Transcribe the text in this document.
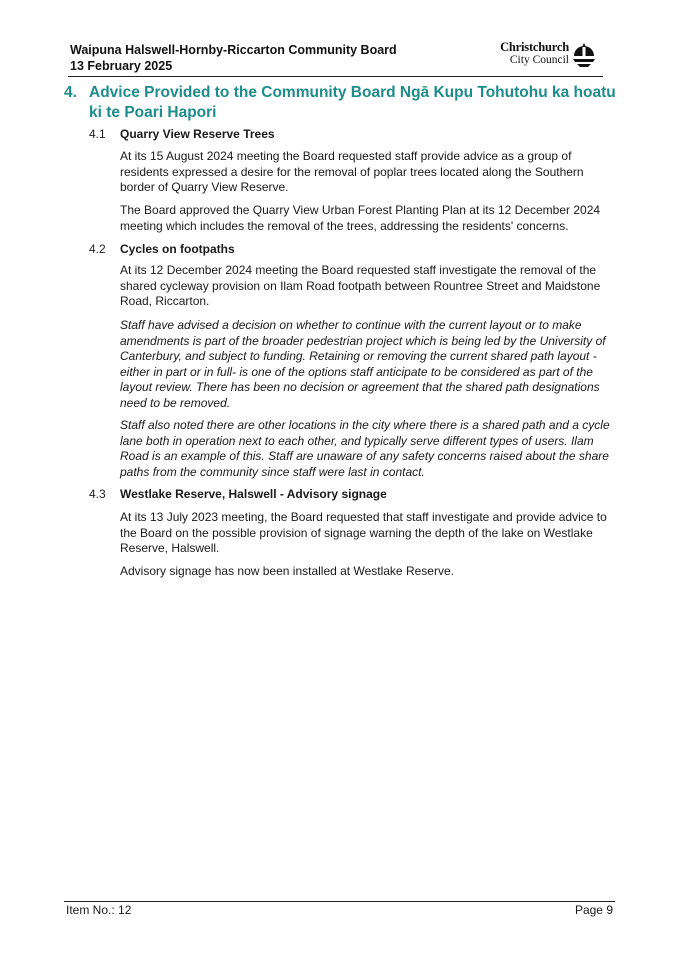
Waipuna Halswell-Hornby-Riccarton Community Board
13 February 2025
Christchurch
City Council
4. Advice Provided to the Community Board Ngā Kupu Tohutohu ka hoatu ki te Poari Hapori
4.1 Quarry View Reserve Trees
At its 15 August 2024 meeting the Board requested staff provide advice as a group of residents expressed a desire for the removal of poplar trees located along the Southern border of Quarry View Reserve.
The Board approved the Quarry View Urban Forest Planting Plan at its 12 December 2024 meeting which includes the removal of the trees, addressing the residents' concerns.
4.2 Cycles on footpaths
At its 12 December 2024 meeting the Board requested staff investigate the removal of the shared cycleway provision on Ilam Road footpath between Rountree Street and Maidstone Road, Riccarton.
Staff have advised a decision on whether to continue with the current layout or to make amendments is part of the broader pedestrian project which is being led by the University of Canterbury, and subject to funding. Retaining or removing the current shared path layout - either in part or in full- is one of the options staff anticipate to be considered as part of the layout review. There has been no decision or agreement that the shared path designations need to be removed.
Staff also noted there are other locations in the city where there is a shared path and a cycle lane both in operation next to each other, and typically serve different types of users. Ilam Road is an example of this. Staff are unaware of any safety concerns raised about the share paths from the community since staff were last in contact.
4.3 Westlake Reserve, Halswell - Advisory signage
At its 13 July 2023 meeting, the Board requested that staff investigate and provide advice to the Board on the possible provision of signage warning the depth of the lake on Westlake Reserve, Halswell.
Advisory signage has now been installed at Westlake Reserve.
Item No.: 12	Page 9
